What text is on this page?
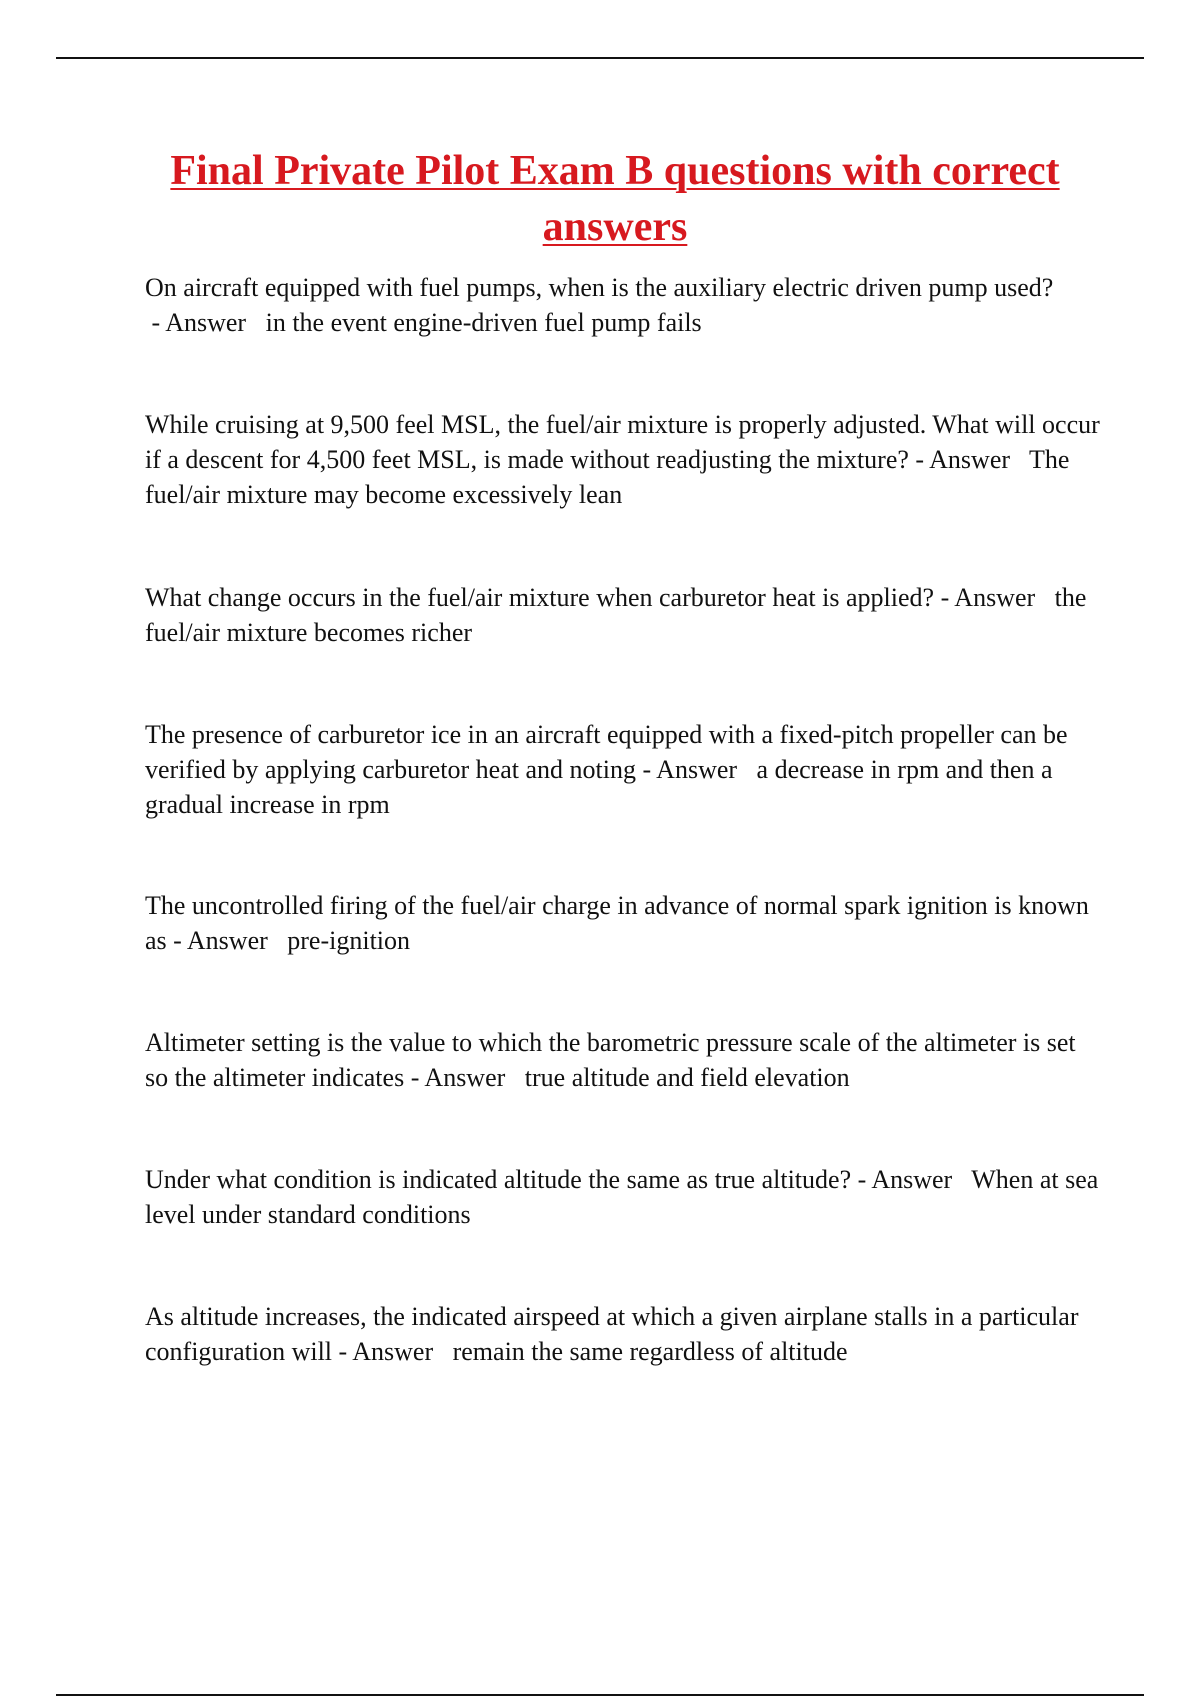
Final Private Pilot Exam B questions with correct answers

On aircraft equipped with fuel pumps, when is the auxiliary electric driven pump used? - Answer   in the event engine-driven fuel pump fails

While cruising at 9,500 feel MSL, the fuel/air mixture is properly adjusted. What will occur if a descent for 4,500 feet MSL, is made without readjusting the mixture? - Answer   The fuel/air mixture may become excessively lean

What change occurs in the fuel/air mixture when carburetor heat is applied? - Answer   the fuel/air mixture becomes richer

The presence of carburetor ice in an aircraft equipped with a fixed-pitch propeller can be verified by applying carburetor heat and noting - Answer   a decrease in rpm and then a gradual increase in rpm

The uncontrolled firing of the fuel/air charge in advance of normal spark ignition is known as - Answer   pre-ignition

Altimeter setting is the value to which the barometric pressure scale of the altimeter is set so the altimeter indicates - Answer   true altitude and field elevation

Under what condition is indicated altitude the same as true altitude? - Answer   When at sea level under standard conditions

As altitude increases, the indicated airspeed at which a given airplane stalls in a particular configuration will - Answer   remain the same regardless of altitude
